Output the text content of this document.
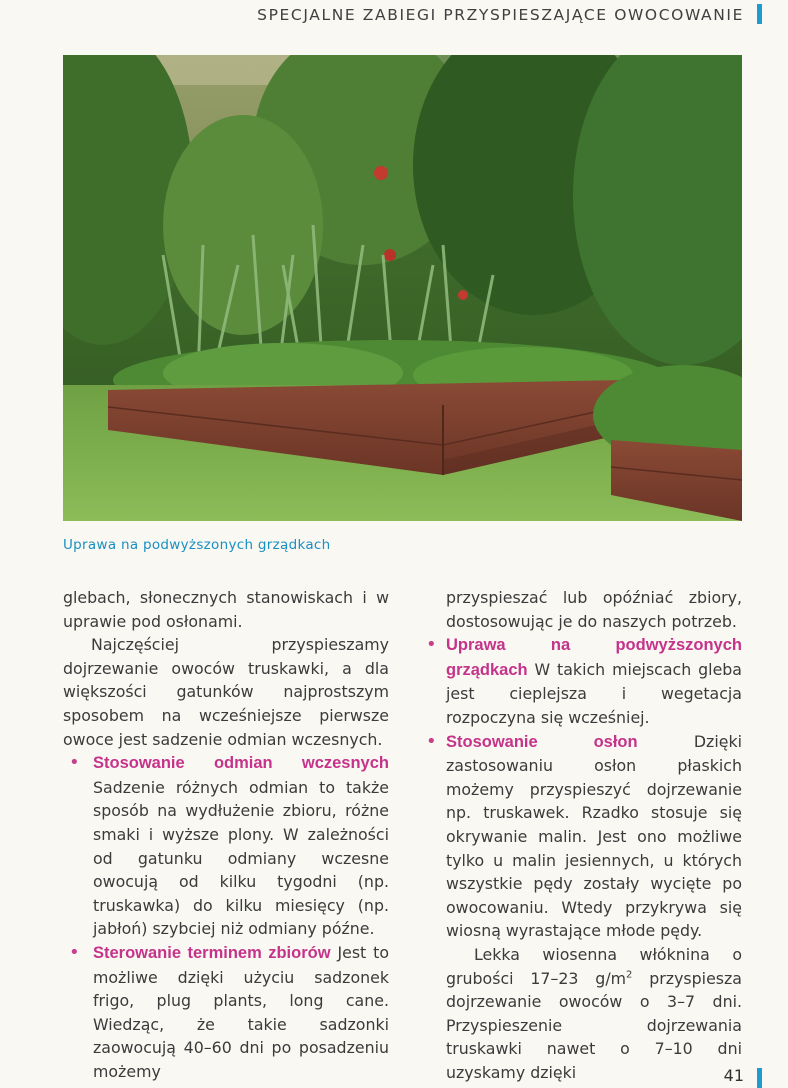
SPECJALNE ZABIEGI PRZYSPIESZAJĄCE OWOCOWANIE
Uprawa na podwyższonych grządkach

glebach, słonecznych stanowiskach i w uprawie pod osłonami.

Najczęściej przyspieszamy dojrzewanie owoców truskawki, a dla większości gatunków najprostszym sposobem na wcześniejsze pierwsze owoce jest sadzenie odmian wczesnych.

• Stosowanie odmian wczesnych Sadzenie różnych odmian to także sposób na wydłużenie zbioru, różne smaki i wyższe plony. W zależności od gatunku odmiany wczesne owocują od kilku tygodni (np. truskawka) do kilku miesięcy (np. jabłoń) szybciej niż odmiany późne.

• Sterowanie terminem zbiorów Jest to możliwe dzięki użyciu sadzonek frigo, plug plants, long cane. Wiedząc, że takie sadzonki zaowocują 40–60 dni po posadzeniu możemy

przyspieszać lub opóźniać zbiory, dostosowując je do naszych potrzeb.

• Uprawa na podwyższonych grządkach W takich miejscach gleba jest cieplejsza i wegetacja rozpoczyna się wcześniej.

• Stosowanie osłon Dzięki zastosowaniu osłon płaskich możemy przyspieszyć dojrzewanie np. truskawek. Rzadko stosuje się okrywanie malin. Jest ono możliwe tylko u malin jesiennych, u których wszystkie pędy zostały wycięte po owocowaniu. Wtedy przykrywa się wiosną wyrastające młode pędy.

Lekka wiosenna włóknina o grubości 17–23 $g/m^2$ przyspiesza dojrzewanie owoców o 3–7 dni. Przyspieszenie dojrzewania truskawki nawet o 7–10 dni uzyskamy dzięki	41
